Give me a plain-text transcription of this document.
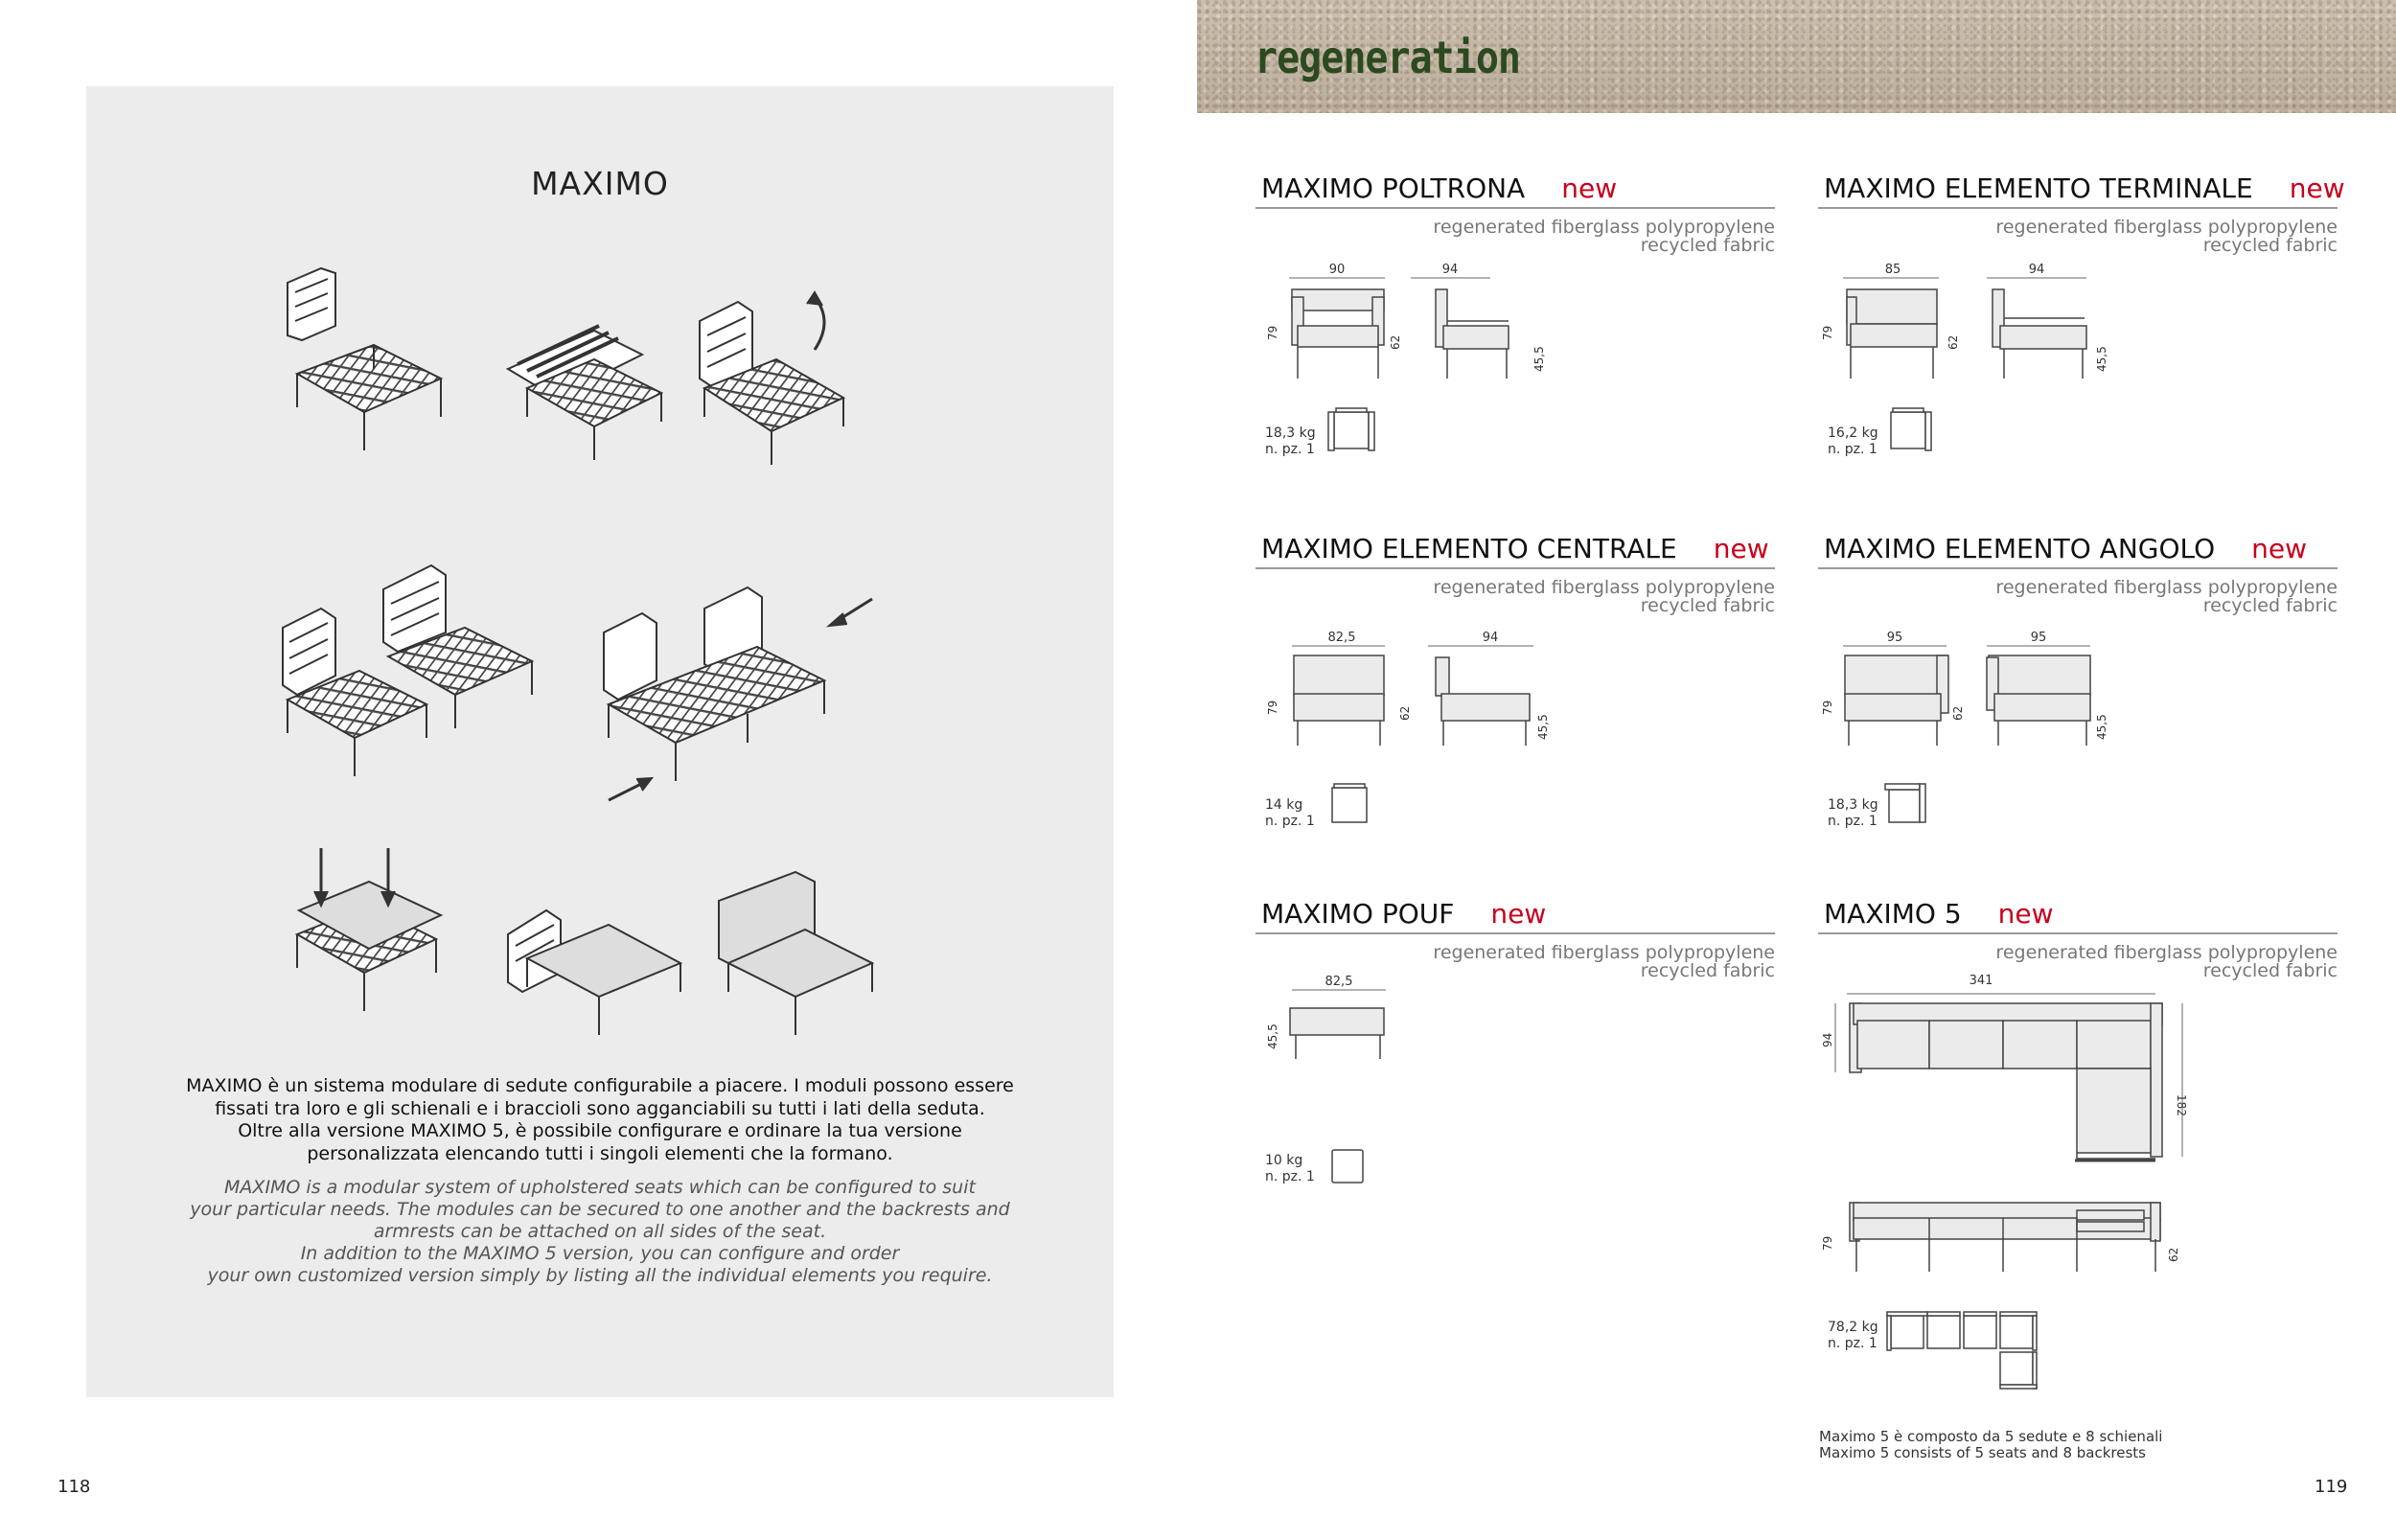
MAXIMO
MAXIMO è un sistema modulare di sedute configurabile a piacere. I moduli possono essere
fissati tra loro e gli schienali e i braccioli sono agganciabili su tutti i lati della seduta.
Oltre alla versione MAXIMO 5, è possibile configurare e ordinare la tua versione
personalizzata elencando tutti i singoli elementi che la formano.
MAXIMO is a modular system of upholstered seats which can be configured to suit
your particular needs. The modules can be secured to one another and the backrests and
armrests can be attached on all sides of the seat.
In addition to the MAXIMO 5 version, you can configure and order
your own customized version simply by listing all the individual elements you require.
118
regeneration
MAXIMO POLTRONA new
regenerated fiberglass polypropylene
recycled fabric
90	94
79
62
45,5
18,3 kg
n. pz. 1
MAXIMO ELEMENTO TERMINALE new
regenerated fiberglass polypropylene
recycled fabric
85	94
79
62
45,5
16,2 kg
n. pz. 1
MAXIMO ELEMENTO CENTRALE new
regenerated fiberglass polypropylene
recycled fabric
82,5	94
79	62
45,5
14 kg
n. pz. 1
MAXIMO ELEMENTO ANGOLO new
regenerated fiberglass polypropylene
recycled fabric
95	95
79	62
45,5
18,3 kg
n. pz. 1
MAXIMO POUF new
regenerated fiberglass polypropylene
recycled fabric
82,5
45,5
10 kg
n. pz. 1
MAXIMO 5 new
regenerated fiberglass polypropylene
recycled fabric
341
94
182
79
62
78,2 kg
n. pz. 1
Maximo 5 è composto da 5 sedute e 8 schienali
Maximo 5 consists of 5 seats and 8 backrests
119
